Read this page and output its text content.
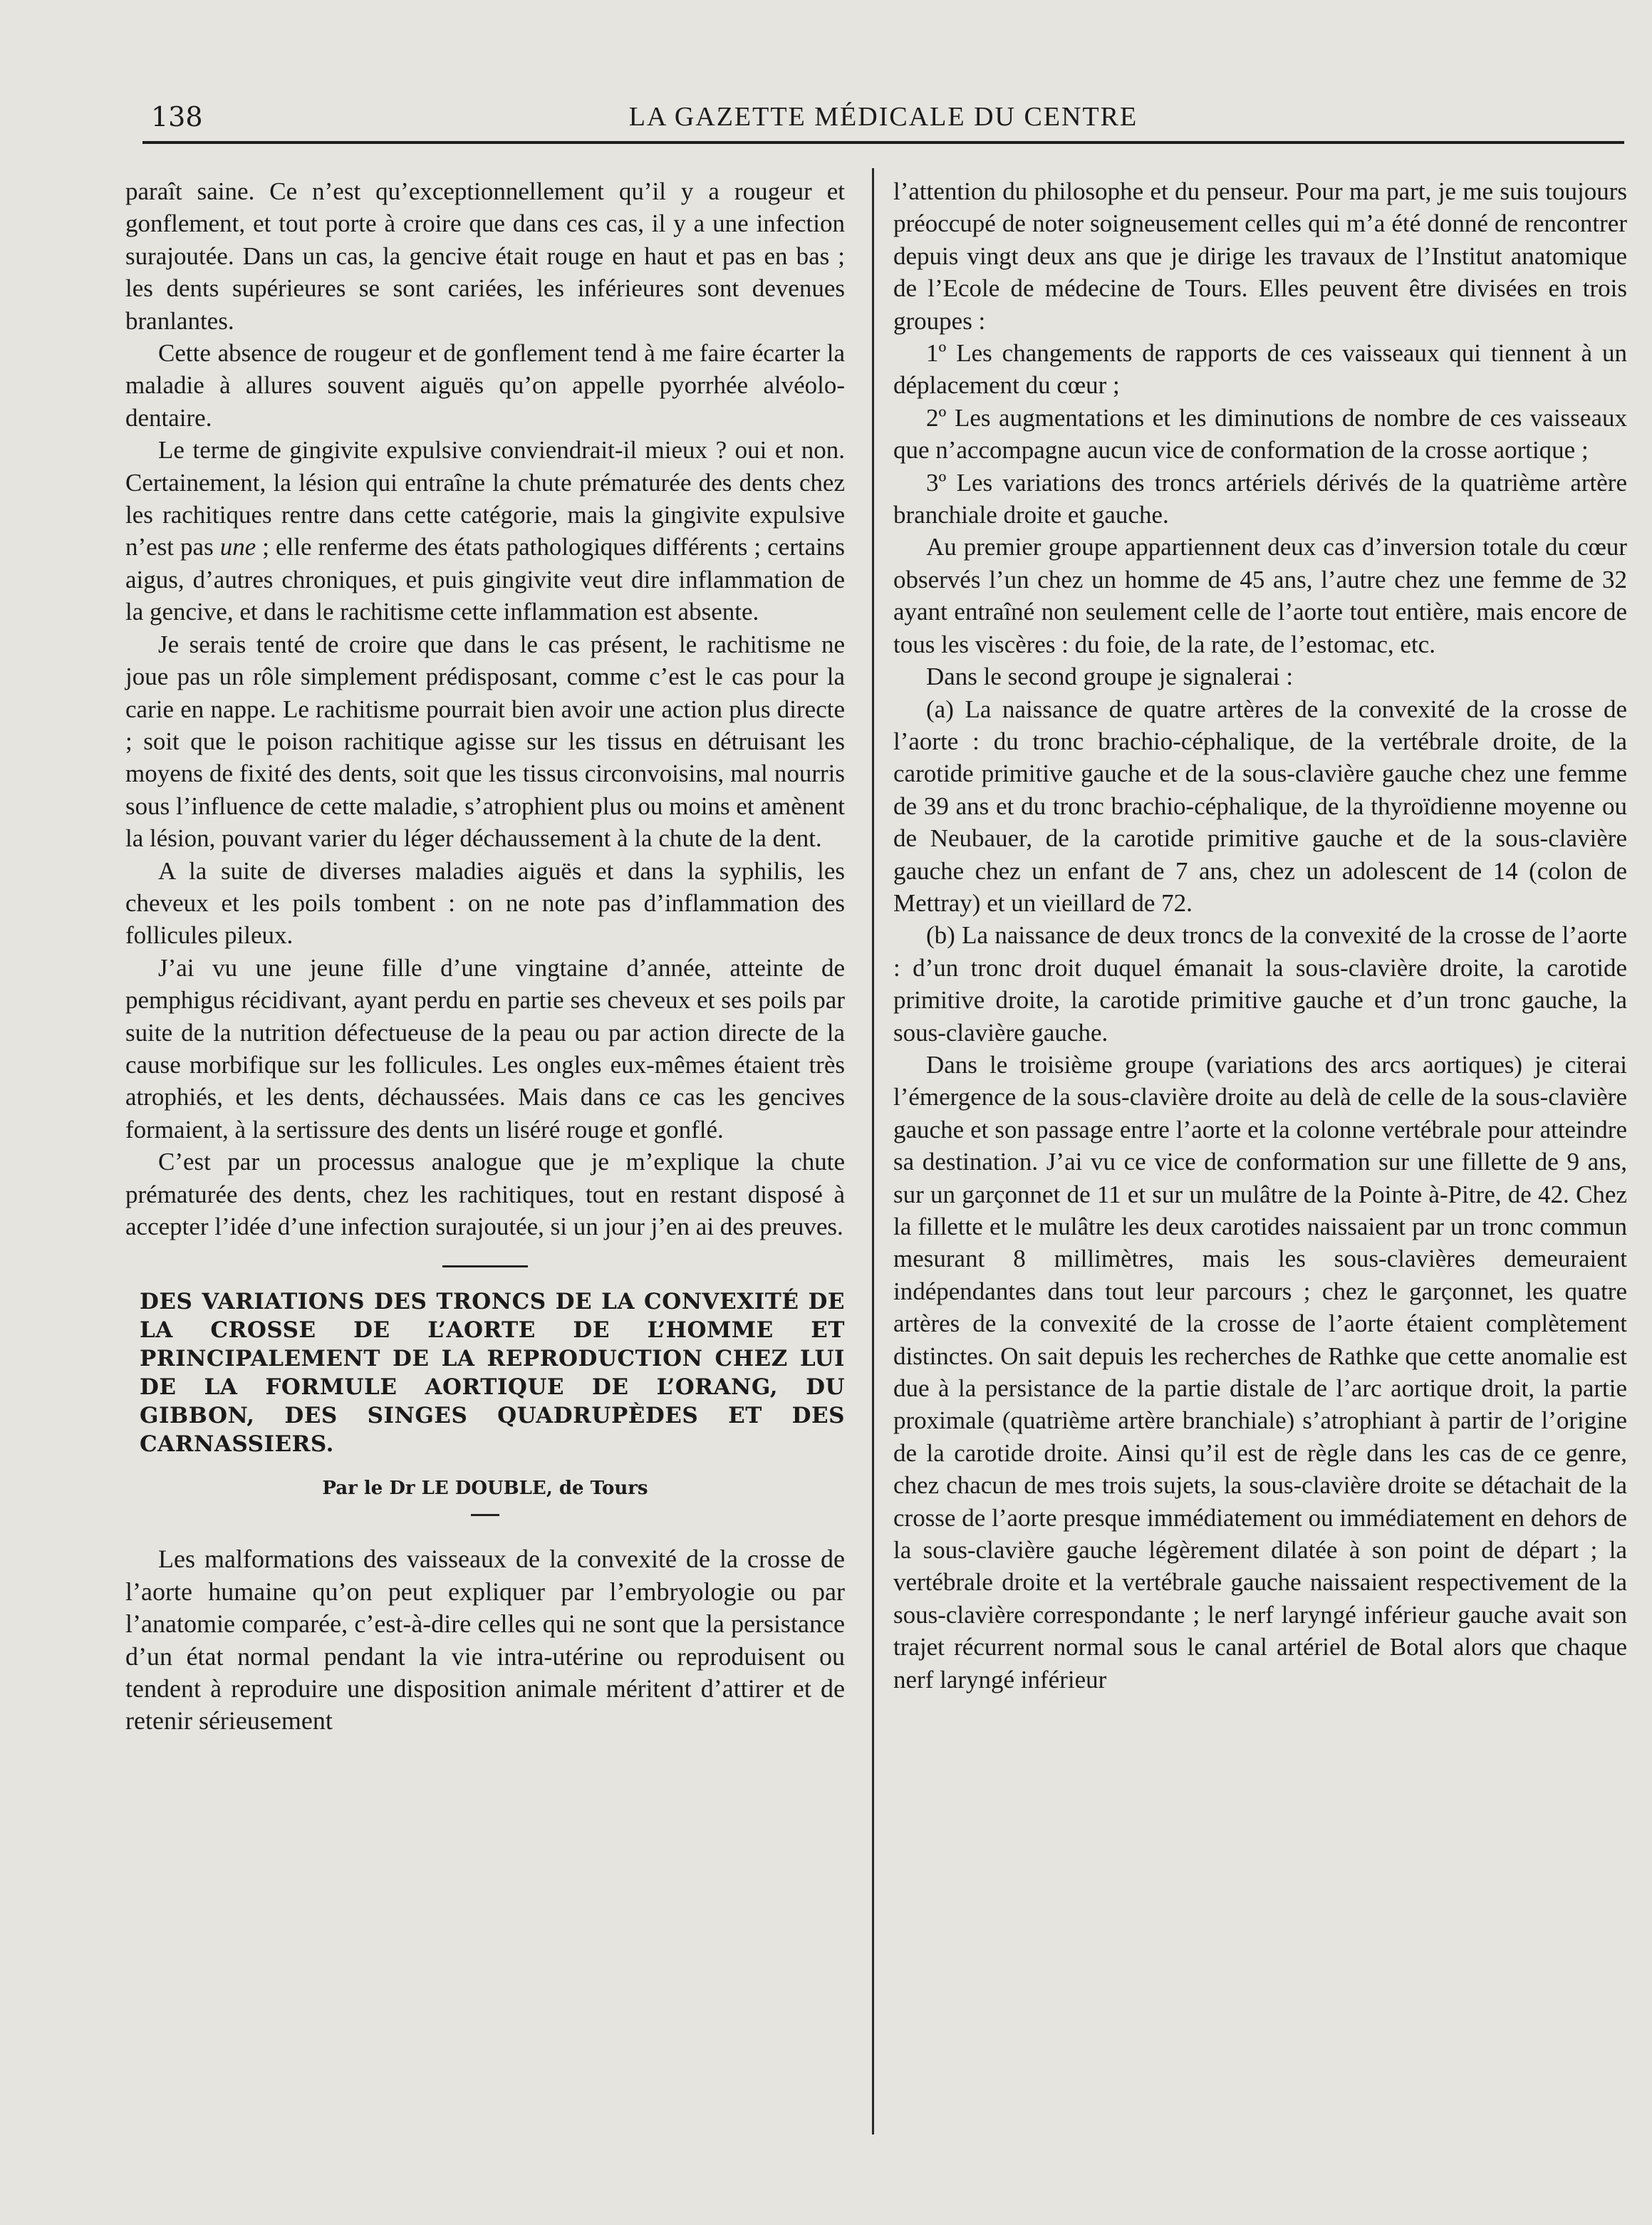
138	LA GAZETTE MÉDICALE DU CENTRE

paraît saine. Ce n’est qu’exceptionnellement qu’il y a rougeur et gonflement, et tout porte à croire que dans ces cas, il y a une infection surajoutée. Dans un cas, la gencive était rouge en haut et pas en bas ; les dents supérieures se sont cariées, les inférieures sont devenues branlantes.

Cette absence de rougeur et de gonflement tend à me faire écarter la maladie à allures souvent aiguës qu’on appelle pyorrhée alvéolo-dentaire.

Le terme de gingivite expulsive conviendrait-il mieux ? oui et non. Certainement, la lésion qui entraîne la chute prématurée des dents chez les rachitiques rentre dans cette catégorie, mais la gingivite expulsive n’est pas une ; elle renferme des états pathologiques différents ; certains aigus, d’autres chroniques, et puis gingivite veut dire inflammation de la gencive, et dans le rachitisme cette inflammation est absente.

Je serais tenté de croire que dans le cas présent, le rachitisme ne joue pas un rôle simplement prédisposant, comme c’est le cas pour la carie en nappe. Le rachitisme pourrait bien avoir une action plus directe ; soit que le poison rachitique agisse sur les tissus en détruisant les moyens de fixité des dents, soit que les tissus circonvoisins, mal nourris sous l’influence de cette maladie, s’atrophient plus ou moins et amènent la lésion, pouvant varier du léger déchaussement à la chute de la dent.

A la suite de diverses maladies aiguës et dans la syphilis, les cheveux et les poils tombent : on ne note pas d’inflammation des follicules pileux.

J’ai vu une jeune fille d’une vingtaine d’année, atteinte de pemphigus récidivant, ayant perdu en partie ses cheveux et ses poils par suite de la nutrition défectueuse de la peau ou par action directe de la cause morbifique sur les follicules. Les ongles eux-mêmes étaient très atrophiés, et les dents, déchaussées. Mais dans ce cas les gencives formaient, à la sertissure des dents un liséré rouge et gonflé.

C’est par un processus analogue que je m’explique la chute prématurée des dents, chez les rachitiques, tout en restant disposé à accepter l’idée d’une infection surajoutée, si un jour j’en ai des preuves.

DES VARIATIONS DES TRONCS DE LA CONVEXITÉ DE LA CROSSE DE L’AORTE DE L’HOMME ET PRINCIPALEMENT DE LA REPRODUCTION CHEZ LUI DE LA FORMULE AORTIQUE DE L’ORANG, DU GIBBON, DES SINGES QUADRUPÈDES ET DES CARNASSIERS.
Par le Dr LE DOUBLE, de Tours

Les malformations des vaisseaux de la convexité de la crosse de l’aorte humaine qu’on peut expliquer par l’embryologie ou par l’anatomie comparée, c’est-à-dire celles qui ne sont que la persistance d’un état normal pendant la vie intra-utérine ou reproduisent ou tendent à reproduire une disposition animale méritent d’attirer et de retenir sérieusement

l’attention du philosophe et du penseur. Pour ma part, je me suis toujours préoccupé de noter soigneusement celles qui m’a été donné de rencontrer depuis vingt deux ans que je dirige les travaux de l’Institut anatomique de l’Ecole de médecine de Tours. Elles peuvent être divisées en trois groupes :

1º Les changements de rapports de ces vaisseaux qui tiennent à un déplacement du cœur ;

2º Les augmentations et les diminutions de nombre de ces vaisseaux que n’accompagne aucun vice de conformation de la crosse aortique ;

3º Les variations des troncs artériels dérivés de la quatrième artère branchiale droite et gauche.

Au premier groupe appartiennent deux cas d’inversion totale du cœur observés l’un chez un homme de 45 ans, l’autre chez une femme de 32 ayant entraîné non seulement celle de l’aorte tout entière, mais encore de tous les viscères : du foie, de la rate, de l’estomac, etc.

Dans le second groupe je signalerai :

(a) La naissance de quatre artères de la convexité de la crosse de l’aorte : du tronc brachio-céphalique, de la vertébrale droite, de la carotide primitive gauche et de la sous-clavière gauche chez une femme de 39 ans et du tronc brachio-céphalique, de la thyroïdienne moyenne ou de Neubauer, de la carotide primitive gauche et de la sous-clavière gauche chez un enfant de 7 ans, chez un adolescent de 14 (colon de Mettray) et un vieillard de 72.

(b) La naissance de deux troncs de la convexité de la crosse de l’aorte : d’un tronc droit duquel émanait la sous-clavière droite, la carotide primitive droite, la carotide primitive gauche et d’un tronc gauche, la sous-clavière gauche.

Dans le troisième groupe (variations des arcs aortiques) je citerai l’émergence de la sous-clavière droite au delà de celle de la sous-clavière gauche et son passage entre l’aorte et la colonne vertébrale pour atteindre sa destination. J’ai vu ce vice de conformation sur une fillette de 9 ans, sur un garçonnet de 11 et sur un mulâtre de la Pointe à-Pitre, de 42. Chez la fillette et le mulâtre les deux carotides naissaient par un tronc commun mesurant 8 millimètres, mais les sous-clavières demeuraient indépendantes dans tout leur parcours ; chez le garçonnet, les quatre artères de la convexité de la crosse de l’aorte étaient complètement distinctes. On sait depuis les recherches de Rathke que cette anomalie est due à la persistance de la partie distale de l’arc aortique droit, la partie proximale (quatrième artère branchiale) s’atrophiant à partir de l’origine de la carotide droite. Ainsi qu’il est de règle dans les cas de ce genre, chez chacun de mes trois sujets, la sous-clavière droite se détachait de la crosse de l’aorte presque immédiatement ou immédiatement en dehors de la sous-clavière gauche légèrement dilatée à son point de départ ; la vertébrale droite et la vertébrale gauche naissaient respectivement de la sous-clavière correspondante ; le nerf laryngé inférieur gauche avait son trajet récurrent normal sous le canal artériel de Botal alors que chaque nerf laryngé inférieur
